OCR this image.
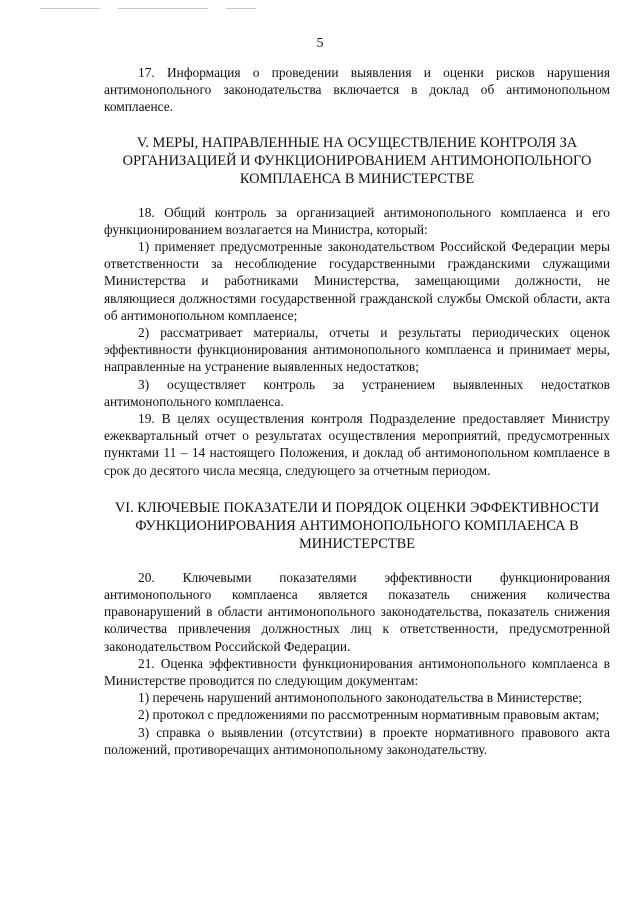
5

17. Информация о проведении выявления и оценки рисков нарушения антимонопольного законодательства включается в доклад об антимонопольном комплаенсе.

V. МЕРЫ, НАПРАВЛЕННЫЕ НА ОСУЩЕСТВЛЕНИЕ КОНТРОЛЯ ЗА ОРГАНИЗАЦИЕЙ И ФУНКЦИОНИРОВАНИЕМ АНТИМОНОПОЛЬНОГО КОМПЛАЕНСА В МИНИСТЕРСТВЕ

18. Общий контроль за организацией антимонопольного комплаенса и его функционированием возлагается на Министра, который:

1) применяет предусмотренные законодательством Российской Федерации меры ответственности за несоблюдение государственными гражданскими служащими Министерства и работниками Министерства, замещающими должности, не являющиеся должностями государственной гражданской службы Омской области, акта об антимонопольном комплаенсе;

2) рассматривает материалы, отчеты и результаты периодических оценок эффективности функционирования антимонопольного комплаенса и принимает меры, направленные на устранение выявленных недостатков;

3) осуществляет контроль за устранением выявленных недостатков антимонопольного комплаенса.

19. В целях осуществления контроля Подразделение предоставляет Министру ежеквартальный отчет о результатах осуществления мероприятий, предусмотренных пунктами 11 – 14 настоящего Положения, и доклад об антимонопольном комплаенсе в срок до десятого числа месяца, следующего за отчетным периодом.

VI. КЛЮЧЕВЫЕ ПОКАЗАТЕЛИ И ПОРЯДОК ОЦЕНКИ ЭФФЕКТИВНОСТИ ФУНКЦИОНИРОВАНИЯ АНТИМОНОПОЛЬНОГО КОМПЛАЕНСА В МИНИСТЕРСТВЕ

20. Ключевыми показателями эффективности функционирования антимонопольного комплаенса является показатель снижения количества правонарушений в области антимонопольного законодательства, показатель снижения количества привлечения должностных лиц к ответственности, предусмотренной законодательством Российской Федерации.

21. Оценка эффективности функционирования антимонопольного комплаенса в Министерстве проводится по следующим документам:

1) перечень нарушений антимонопольного законодательства в Министерстве;

2) протокол с предложениями по рассмотренным нормативным правовым актам;

3) справка о выявлении (отсутствии) в проекте нормативного правового акта положений, противоречащих антимонопольному законодательству.
